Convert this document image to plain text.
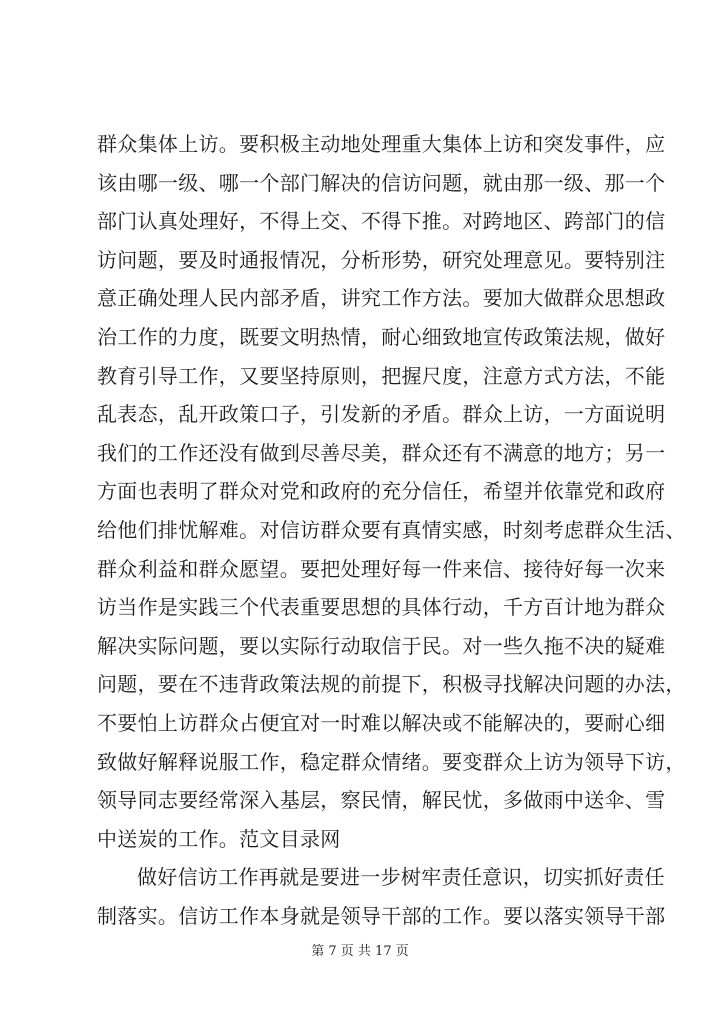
群众集体上访。要积极主动地处理重大集体上访和突发事件，应
该由哪一级、哪一个部门解决的信访问题，就由那一级、那一个
部门认真处理好，不得上交、不得下推。对跨地区、跨部门的信
访问题，要及时通报情况，分析形势，研究处理意见。要特别注
意正确处理人民内部矛盾，讲究工作方法。要加大做群众思想政
治工作的力度，既要文明热情，耐心细致地宣传政策法规，做好
教育引导工作，又要坚持原则，把握尺度，注意方式方法，不能
乱表态，乱开政策口子，引发新的矛盾。群众上访，一方面说明
我们的工作还没有做到尽善尽美，群众还有不满意的地方；另一
方面也表明了群众对党和政府的充分信任，希望并依靠党和政府
给他们排忧解难。对信访群众要有真情实感，时刻考虑群众生活、
群众利益和群众愿望。要把处理好每一件来信、接待好每一次来
访当作是实践三个代表重要思想的具体行动，千方百计地为群众
解决实际问题，要以实际行动取信于民。对一些久拖不决的疑难
问题，要在不违背政策法规的前提下，积极寻找解决问题的办法，
不要怕上访群众占便宜对一时难以解决或不能解决的，要耐心细
致做好解释说服工作，稳定群众情绪。要变群众上访为领导下访，
领导同志要经常深入基层，察民情，解民忧，多做雨中送伞、雪
中送炭的工作。范文目录网
做好信访工作再就是要进一步树牢责任意识，切实抓好责任
制落实。信访工作本身就是领导干部的工作。要以落实领导干部
第 7 页 共 17 页
